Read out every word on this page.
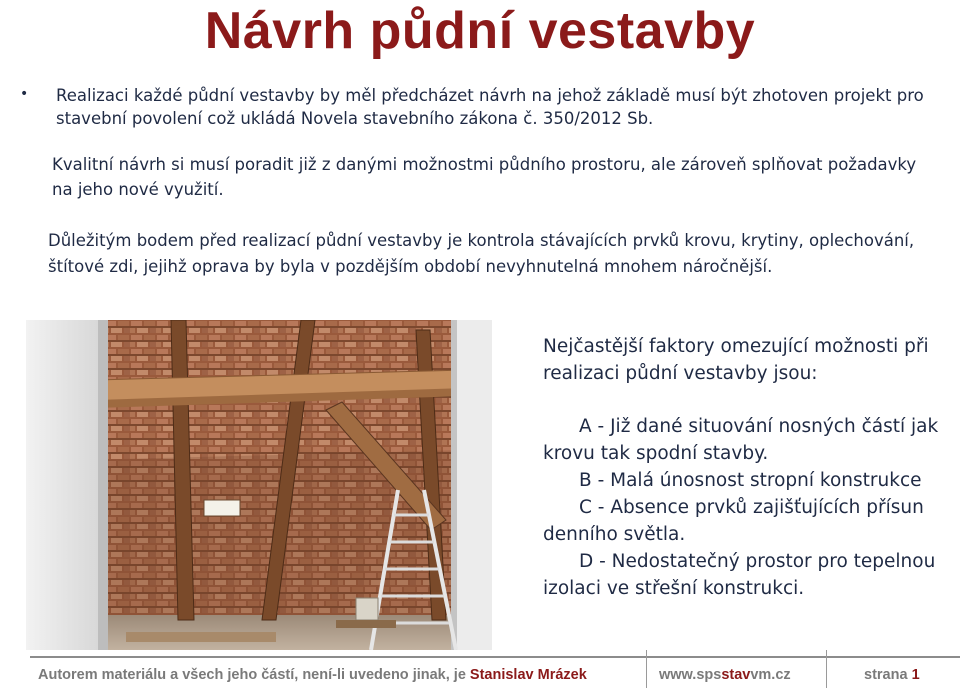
Návrh půdní vestavby
• Realizaci každé půdní vestavby by měl předcházet návrh na jehož základě musí být zhotoven projekt pro stavební povolení což ukládá Novela stavebního zákona č. 350/2012 Sb.
Kvalitní návrh si musí poradit již z danými možnostmi půdního prostoru, ale zároveň splňovat požadavky na jeho nové využití.
Důležitým bodem před realizací půdní vestavby je kontrola stávajících prvků krovu, krytiny, oplechování, štítové zdi, jejihž oprava by byla v pozdějším období nevyhnutelná mnohem náročnější.
Nejčastější faktory omezující možnosti při realizaci půdní vestavby jsou:
A - Již dané situování nosných částí jak krovu tak spodní stavby.
B - Malá únosnost stropní konstrukce
C - Absence prvků zajišťujících přísun denního světla.
D - Nedostatečný prostor pro tepelnou izolaci ve střešní konstrukci.
Autorem materiálu a všech jeho částí, není-li uvedeno jinak, je Stanislav Mrázek	www.spsstavvm.cz	strana 1
